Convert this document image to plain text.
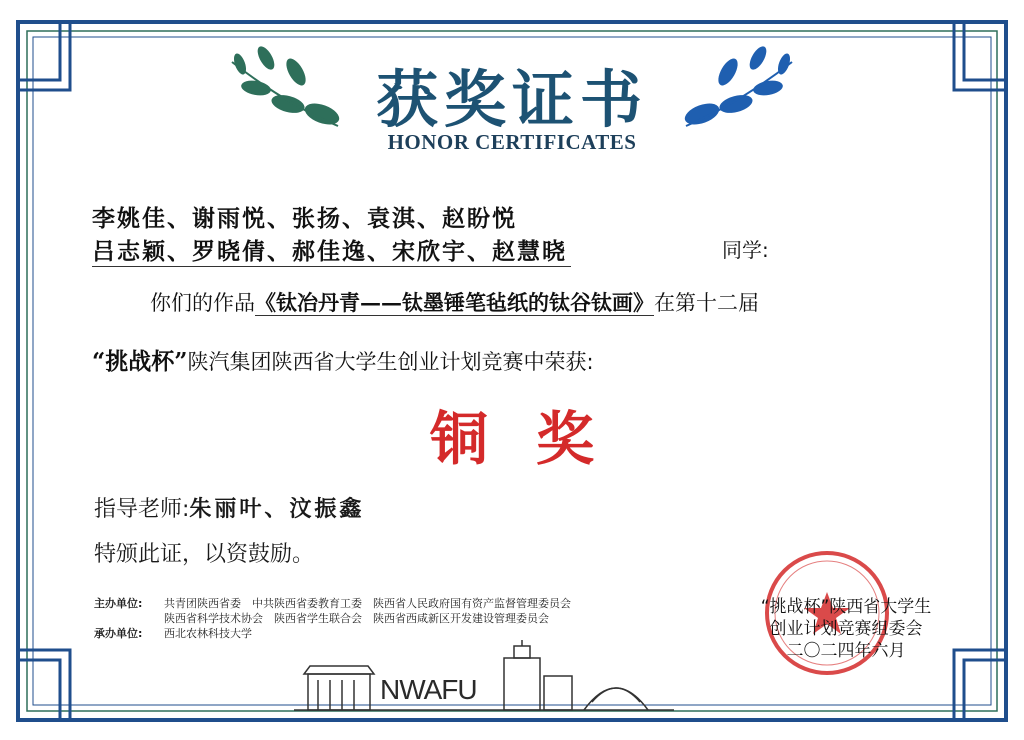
获奖证书
HONOR CERTIFICATES
李姚佳、谢雨悦、张扬、袁淇、赵盼悦
吕志颖、罗晓倩、郝佳逸、宋欣宇、赵慧晓	同学:
你们的作品《钛冶丹青——钛墨锤笔毡纸的钛谷钛画》在第十二届
“挑战杯”陕汽集团陕西省大学生创业计划竞赛中荣获:
铜奖
指导老师:朱丽叶、汶振鑫
特颁此证，以资鼓励。
主办单位: 共青团陕西省委　中共陕西省委教育工委　陕西省人民政府国有资产监督管理委员会
陕西省科学技术协会　陕西省学生联合会　陕西省西咸新区开发建设管理委员会
承办单位: 西北农林科技大学
NWAFU
“挑战杯”陕西省大学生
创业计划竞赛组委会
二〇二四年六月
